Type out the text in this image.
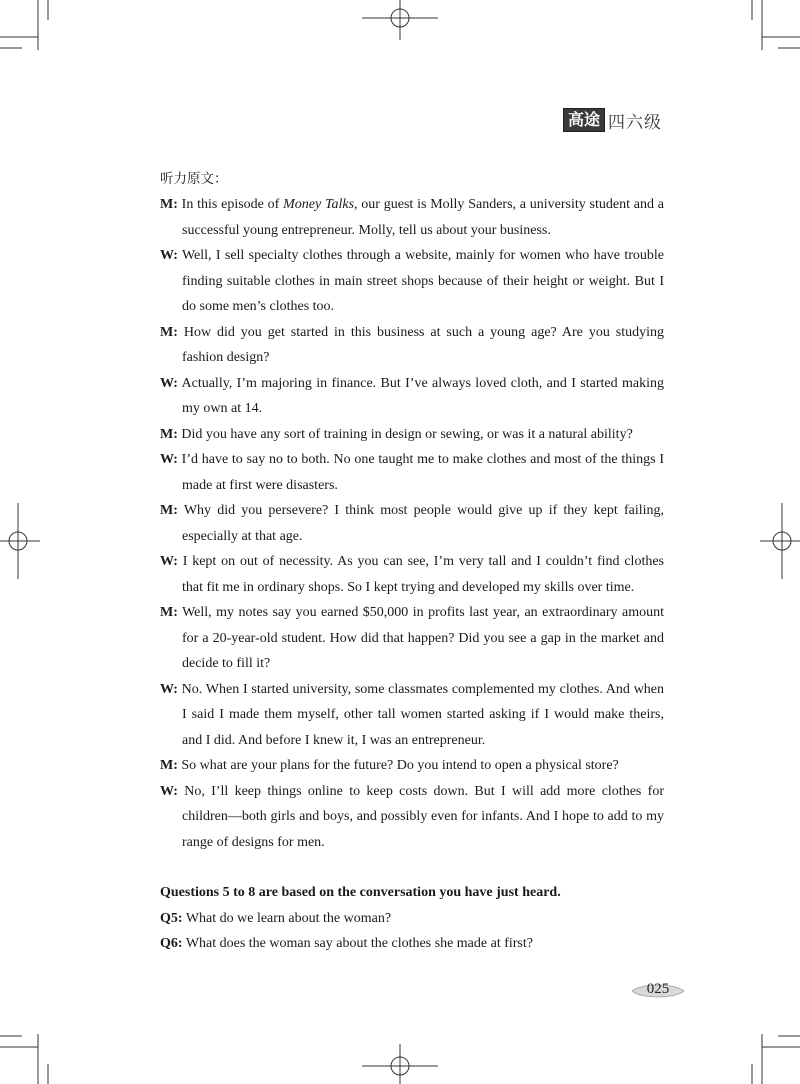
高途 四六级
听力原文：
M: In this episode of Money Talks, our guest is Molly Sanders, a university student and a successful young entrepreneur. Molly, tell us about your business.
W: Well, I sell specialty clothes through a website, mainly for women who have trouble finding suitable clothes in main street shops because of their height or weight. But I do some men’s clothes too.
M: How did you get started in this business at such a young age? Are you studying fashion design?
W: Actually, I’m majoring in finance. But I’ve always loved cloth, and I started making my own at 14.
M: Did you have any sort of training in design or sewing, or was it a natural ability?
W: I’d have to say no to both. No one taught me to make clothes and most of the things I made at first were disasters.
M: Why did you persevere? I think most people would give up if they kept failing, especially at that age.
W: I kept on out of necessity. As you can see, I’m very tall and I couldn’t find clothes that fit me in ordinary shops. So I kept trying and developed my skills over time.
M: Well, my notes say you earned $50,000 in profits last year, an extraordinary amount for a 20-year-old student. How did that happen? Did you see a gap in the market and decide to fill it?
W: No. When I started university, some classmates complemented my clothes. And when I said I made them myself, other tall women started asking if I would make theirs, and I did. And before I knew it, I was an entrepreneur.
M: So what are your plans for the future? Do you intend to open a physical store?
W: No, I’ll keep things online to keep costs down. But I will add more clothes for children—both girls and boys, and possibly even for infants. And I hope to add to my range of designs for men.
Questions 5 to 8 are based on the conversation you have just heard.
Q5: What do we learn about the woman?
Q6: What does the woman say about the clothes she made at first?
025
